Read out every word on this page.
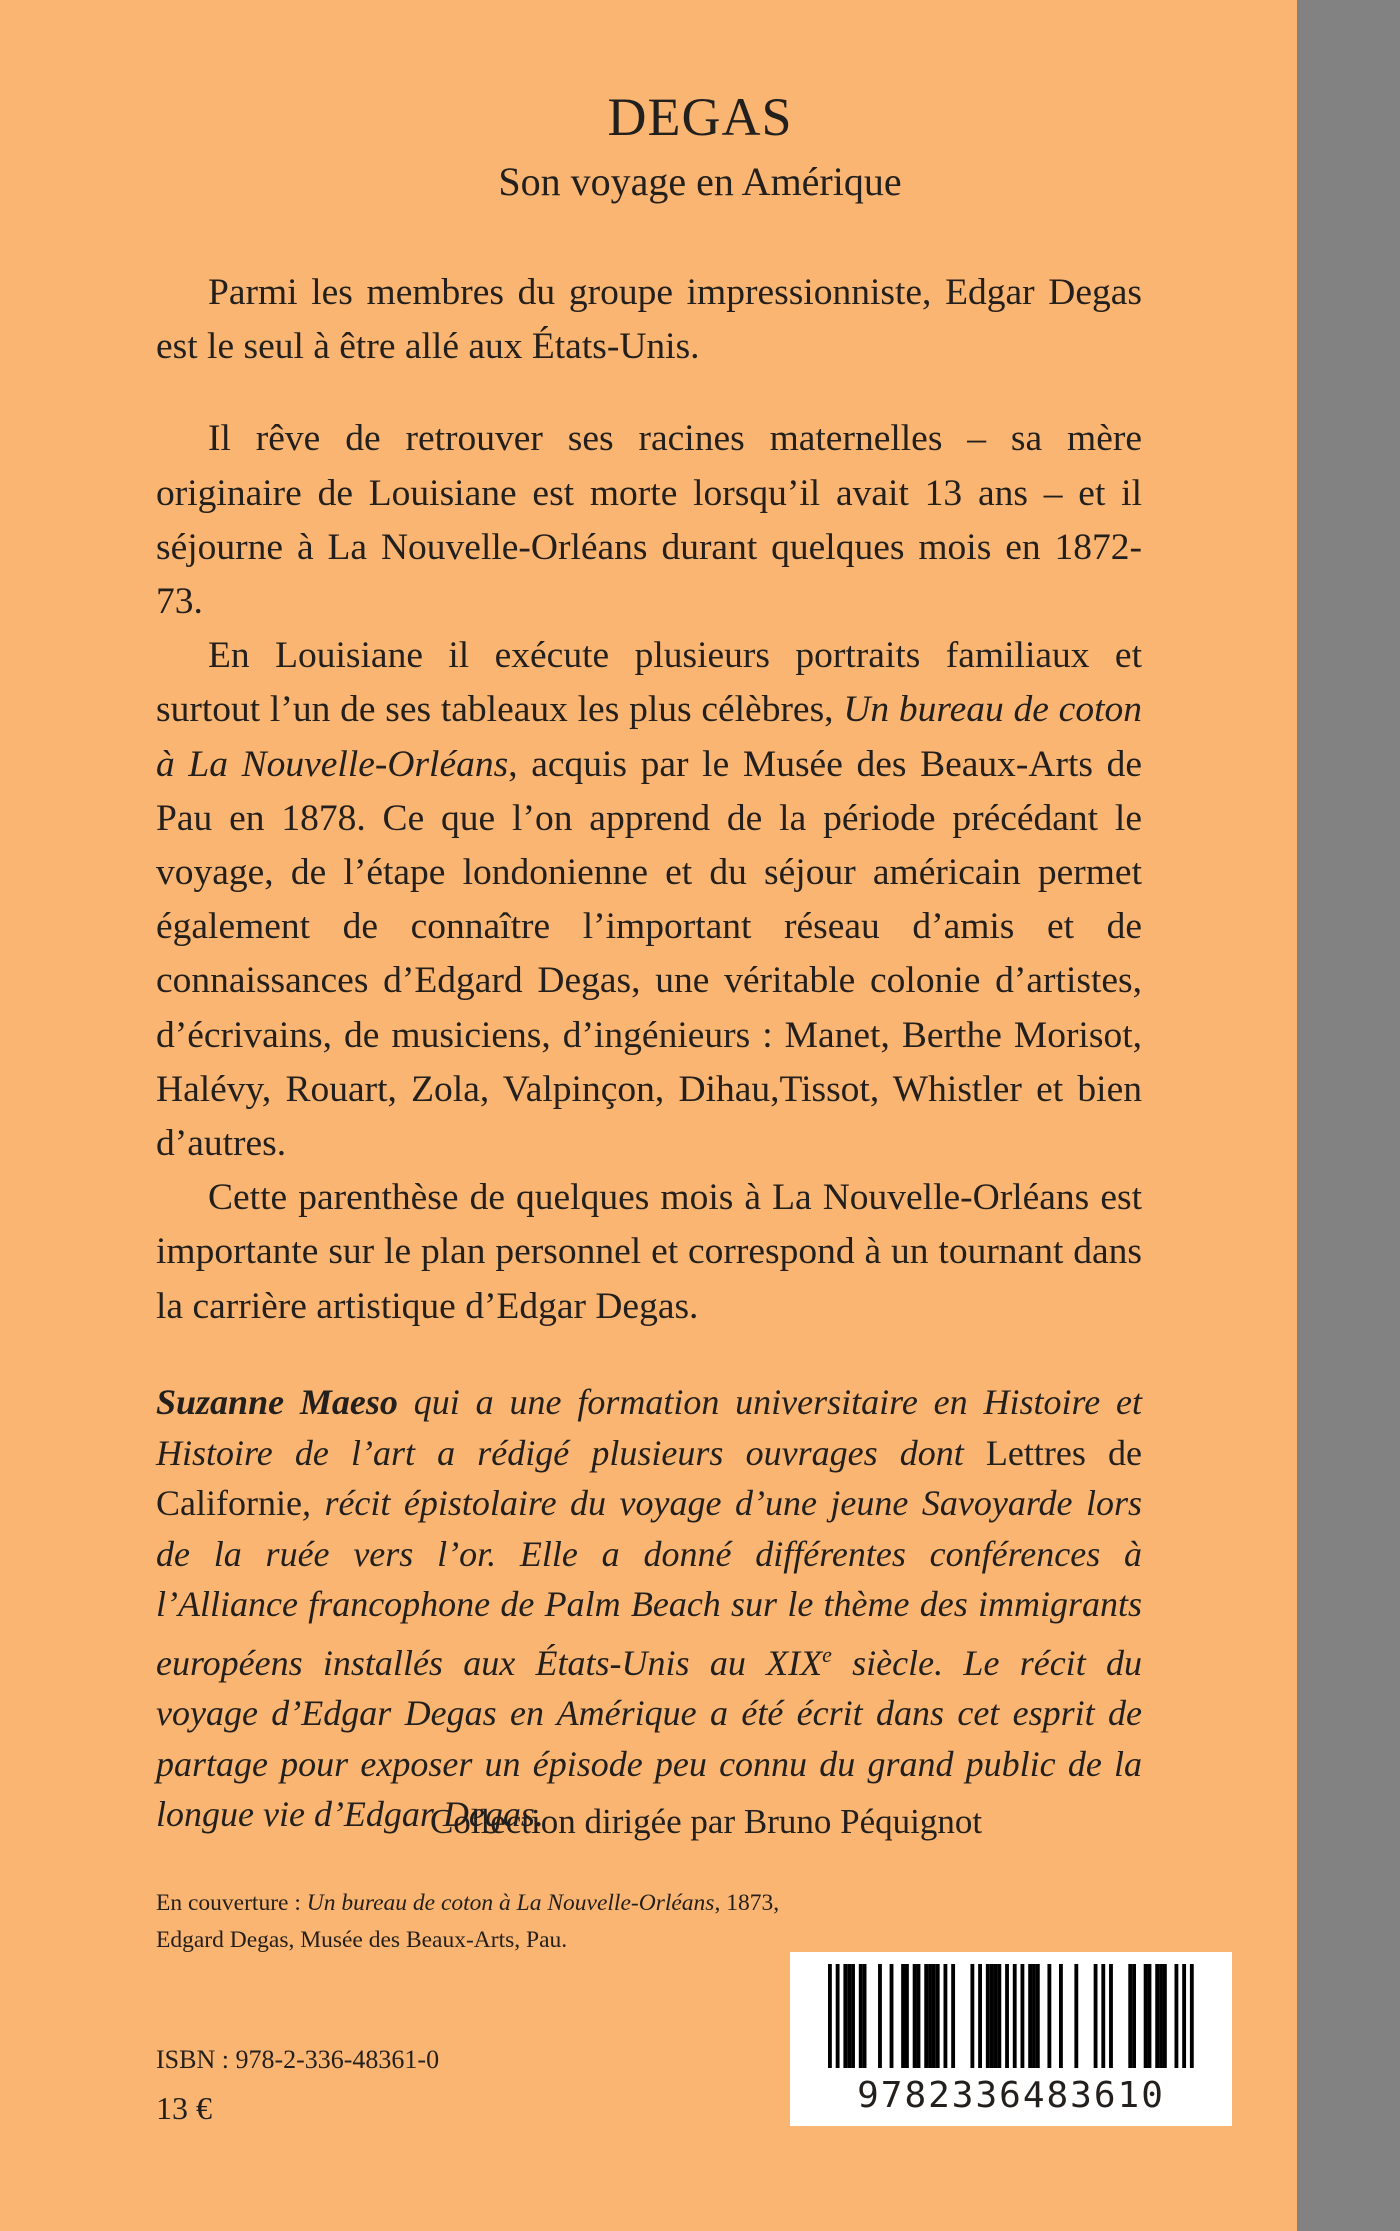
DEGAS
Son voyage en Amérique

Parmi les membres du groupe impressionniste, Edgar Degas est le seul à être allé aux États-Unis.

Il rêve de retrouver ses racines maternelles – sa mère originaire de Louisiane est morte lorsqu’il avait 13 ans – et il séjourne à La Nouvelle-Orléans durant quelques mois en 1872-73.

En Louisiane il exécute plusieurs portraits familiaux et surtout l’un de ses tableaux les plus célèbres, Un bureau de coton à La Nouvelle-Orléans, acquis par le Musée des Beaux-Arts de Pau en 1878. Ce que l’on apprend de la période précédant le voyage, de l’étape londonienne et du séjour américain permet également de connaître l’important réseau d’amis et de connaissances d’Edgard Degas, une véritable colonie d’artistes, d’écrivains, de musiciens, d’ingénieurs : Manet, Berthe Morisot, Halévy, Rouart, Zola, Valpinçon, Dihau,Tissot, Whistler et bien d’autres.

Cette parenthèse de quelques mois à La Nouvelle-Orléans est importante sur le plan personnel et correspond à un tournant dans la carrière artistique d’Edgar Degas.

Suzanne Maeso qui a une formation universitaire en Histoire et Histoire de l’art a rédigé plusieurs ouvrages dont Lettres de Californie, récit épistolaire du voyage d’une jeune Savoyarde lors de la ruée vers l’or. Elle a donné différentes conférences à l’Alliance francophone de Palm Beach sur le thème des immigrants européens installés aux États-Unis au XIXe siècle. Le récit du voyage d’Edgar Degas en Amérique a été écrit dans cet esprit de partage pour exposer un épisode peu connu du grand public de la longue vie d’Edgar Degas.

Collection dirigée par Bruno Péquignot

En couverture : Un bureau de coton à La Nouvelle-Orléans, 1873, Edgard Degas, Musée des Beaux-Arts, Pau.

ISBN : 978-2-336-48361-0
13 €	9782336483610
